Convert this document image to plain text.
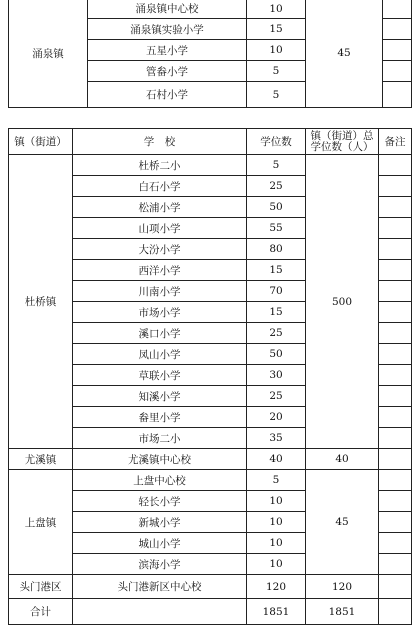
涌泉镇	涌泉镇中心校	10	45	
	涌泉镇实验小学	15		
	五星小学	10		
	管畚小学	5		
	石村小学	5		
镇（街道）	学　校	学位数	镇（街道）总学位数（人）	备注
杜桥镇	杜桥二小	5	500	
	白石小学	25		
	松浦小学	50		
	山项小学	55		
	大汾小学	80		
	西洋小学	15		
	川南小学	70		
	市场小学	15		
	溪口小学	25		
	凤山小学	50		
	草联小学	30		
	知溪小学	25		
	畚里小学	20		
	市场二小	35		
尤溪镇	尤溪镇中心校	40	40	
上盘镇	上盘中心校	5	45	
	轻长小学	10		
	新城小学	10		
	城山小学	10		
	滨海小学	10		
头门港区	头门港新区中心校	120	120	
合计		1851	1851	
